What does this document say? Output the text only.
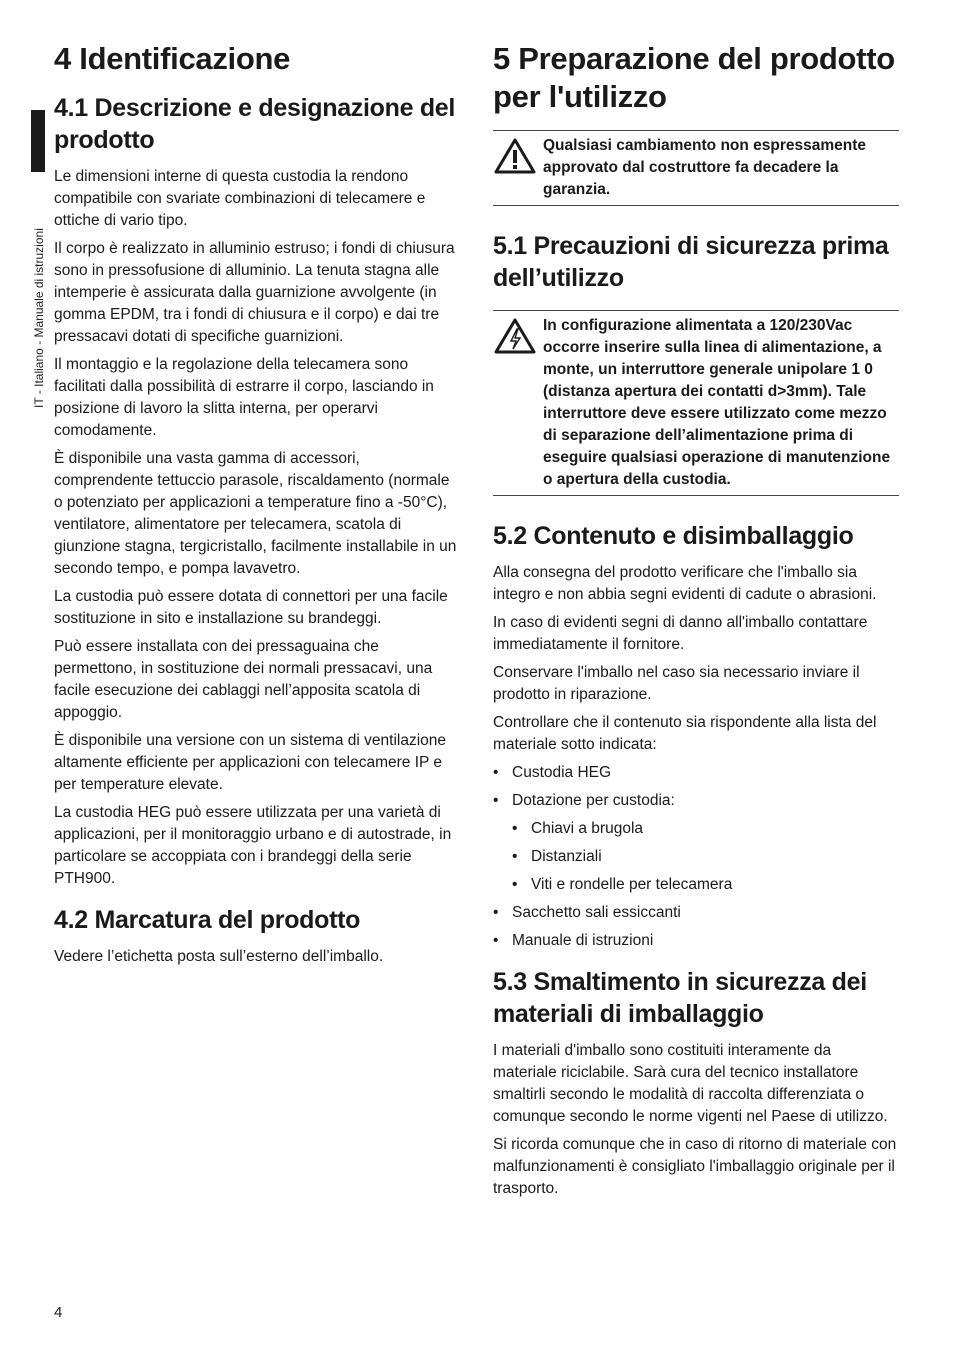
IT - Italiano - Manuale di istruzioni
4 Identificazione
4.1 Descrizione e designazione del prodotto

Le dimensioni interne di questa custodia la rendono compatibile con svariate combinazioni di telecamere e ottiche di vario tipo.

Il corpo è realizzato in alluminio estruso; i fondi di chiusura sono in pressofusione di alluminio. La tenuta stagna alle intemperie è assicurata dalla guarnizione avvolgente (in gomma EPDM, tra i fondi di chiusura e il corpo) e dai tre pressacavi dotati di specifiche guarnizioni.

Il montaggio e la regolazione della telecamera sono facilitati dalla possibilità di estrarre il corpo, lasciando in posizione di lavoro la slitta interna, per operarvi comodamente.

È disponibile una vasta gamma di accessori, comprendente tettuccio parasole, riscaldamento (normale o potenziato per applicazioni a temperature fino a -50°C), ventilatore, alimentatore per telecamera, scatola di giunzione stagna, tergicristallo, facilmente installabile in un secondo tempo, e pompa lavavetro.

La custodia può essere dotata di connettori per una facile sostituzione in sito e installazione su brandeggi.

Può essere installata con dei pressaguaina che permettono, in sostituzione dei normali pressacavi, una facile esecuzione dei cablaggi nell’apposita scatola di appoggio.

È disponibile una versione con un sistema di ventilazione altamente efficiente per applicazioni con telecamere IP e per temperature elevate.

La custodia HEG può essere utilizzata per una varietà di applicazioni, per il monitoraggio urbano e di autostrade, in particolare se accoppiata con i brandeggi della serie PTH900.

4.2 Marcatura del prodotto

Vedere l’etichetta posta sull’esterno dell’imballo.

5 Preparazione del prodotto per l'utilizzo
Qualsiasi cambiamento non espressamente approvato dal costruttore fa decadere la garanzia.
5.1 Precauzioni di sicurezza prima dell’utilizzo
In configurazione alimentata a 120/230Vac occorre inserire sulla linea di alimentazione, a monte, un interruttore generale unipolare 1 0 (distanza apertura dei contatti d>3mm). Tale interruttore deve essere utilizzato come mezzo di separazione dell’alimentazione prima di eseguire qualsiasi operazione di manutenzione o apertura della custodia.
5.2 Contenuto e disimballaggio

Alla consegna del prodotto verificare che l'imballo sia integro e non abbia segni evidenti di cadute o abrasioni.

In caso di evidenti segni di danno all'imballo contattare immediatamente il fornitore.

Conservare l'imballo nel caso sia necessario inviare il prodotto in riparazione.

Controllare che il contenuto sia rispondente alla lista del materiale sotto indicata:

• Custodia HEG
• Dotazione per custodia:
• Chiavi a brugola
• Distanziali
• Viti e rondelle per telecamera
• Sacchetto sali essiccanti
• Manuale di istruzioni
5.3 Smaltimento in sicurezza dei materiali di imballaggio

I materiali d'imballo sono costituiti interamente da materiale riciclabile. Sarà cura del tecnico installatore smaltirli secondo le modalità di raccolta differenziata o comunque secondo le norme vigenti nel Paese di utilizzo.

Si ricorda comunque che in caso di ritorno di materiale con malfunzionamenti è consigliato l'imballaggio originale per il trasporto.

4
